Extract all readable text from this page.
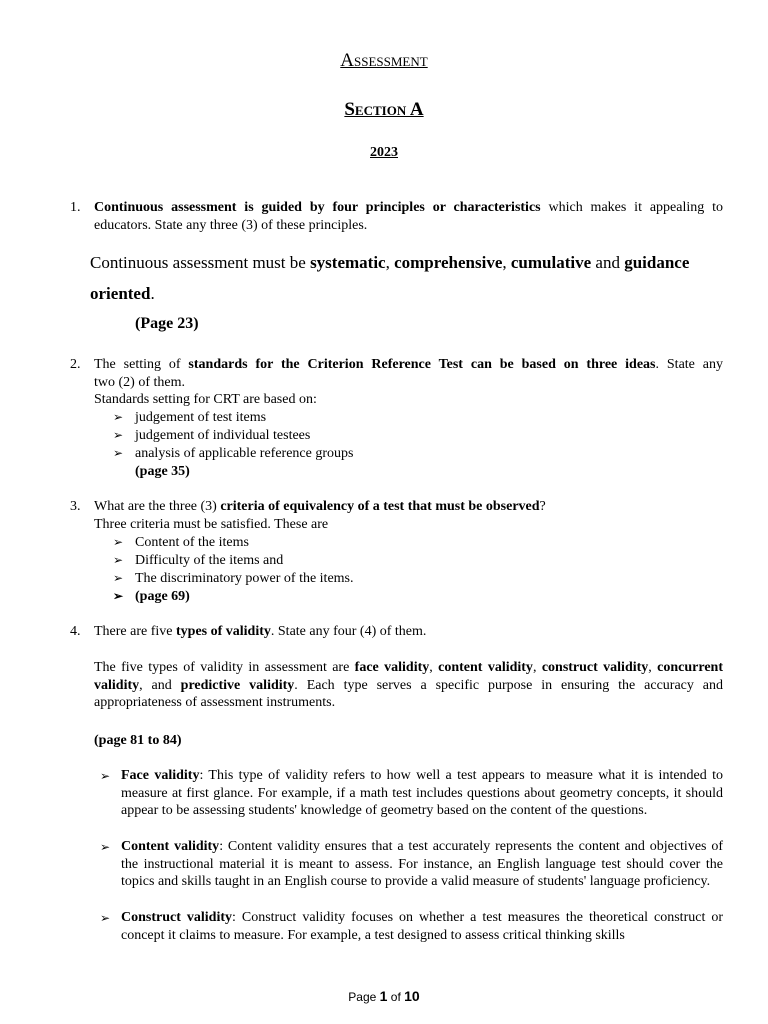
Assessment
Section A
2023
1. Continuous assessment is guided by four principles or characteristics which makes it appealing to educators. State any three (3) of these principles.
Continuous assessment must be systematic, comprehensive, cumulative and guidance
oriented.
(Page 23)
2. The setting of standards for the Criterion Reference Test can be based on three ideas. State any
two (2) of them.
Standards setting for CRT are based on:
➢ judgement of test items
➢ judgement of individual testees
➢ analysis of applicable reference groups
(page 35)
3. What are the three (3) criteria of equivalency of a test that must be observed?
Three criteria must be satisfied. These are
➢ Content of the items
➢ Difficulty of the items and
➢ The discriminatory power of the items.
➢ (page 69)
4. There are five types of validity. State any four (4) of them.
The five types of validity in assessment are face validity, content validity, construct validity, concurrent validity, and predictive validity. Each type serves a specific purpose in ensuring the accuracy and appropriateness of assessment instruments.
(page 81 to 84)
➢ Face validity: This type of validity refers to how well a test appears to measure what it is intended to measure at first glance. For example, if a math test includes questions about geometry concepts, it should appear to be assessing students' knowledge of geometry based on the content of the questions.
➢ Content validity: Content validity ensures that a test accurately represents the content and objectives of the instructional material it is meant to assess. For instance, an English language test should cover the topics and skills taught in an English course to provide a valid measure of students' language proficiency.
➢ Construct validity: Construct validity focuses on whether a test measures the theoretical construct or concept it claims to measure. For example, a test designed to assess critical thinking skills
Page 1 of 10
